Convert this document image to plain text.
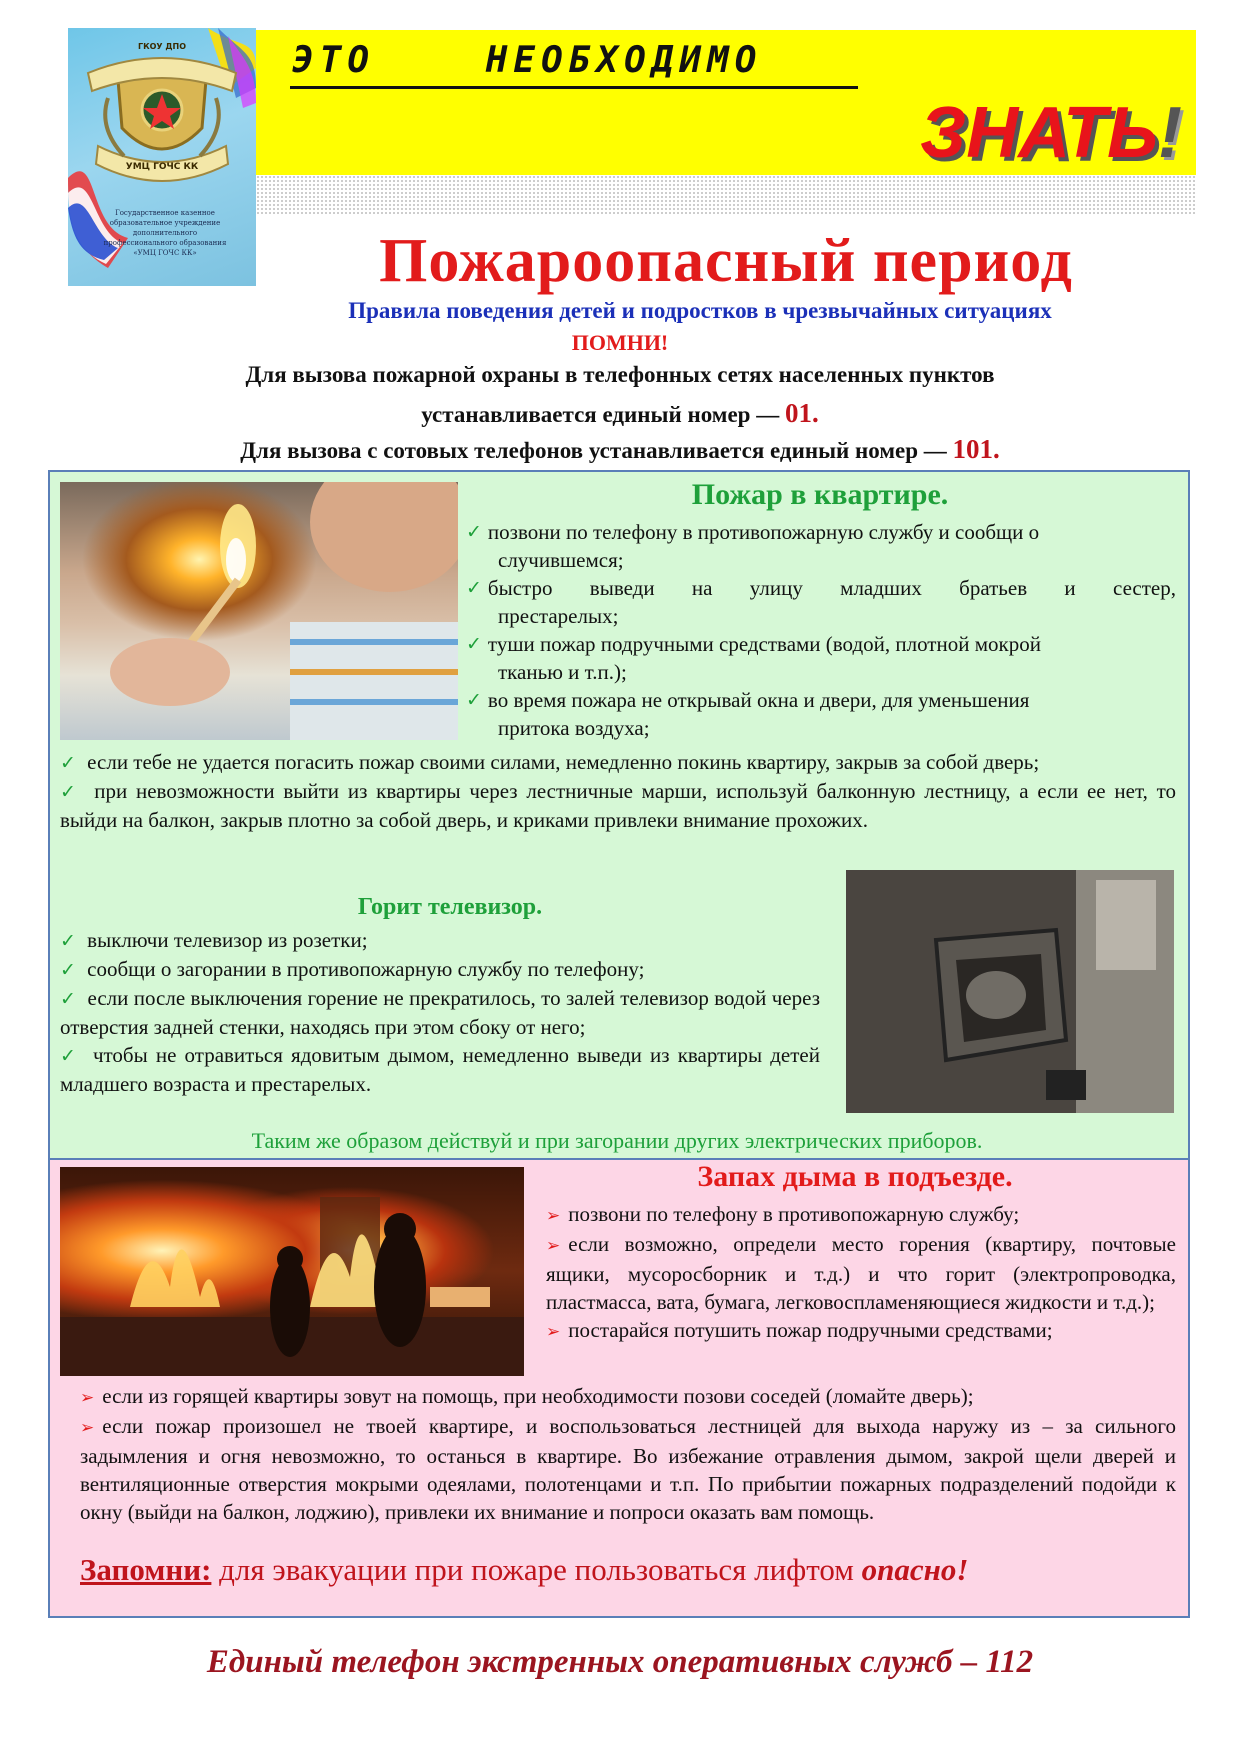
ГКОУ ДПО
УМЦ ГОЧС КК
Государственное казенное образовательное учреждение дополнительного профессионального образования «УМЦ ГОЧС КК»
ЭТО    НЕОБХОДИМО
ЗНАТЬ!
Пожароопасный период
Правила поведения детей и подростков в чрезвычайных ситуациях
ПОМНИ!
Для вызова пожарной охраны в телефонных сетях населенных пунктов
устанавливается единый номер — 01.
Для вызова с сотовых телефонов устанавливается единый номер — 101.
Пожар в квартире.
✓ позвони по телефону в противопожарную службу и сообщи о
случившемся;
✓ быстро выведи на улицу младших братьев и сестер,
престарелых;
✓ туши пожар подручными средствами (водой, плотной мокрой
тканью и т.п.);
✓ во время пожара не открывай окна и двери, для уменьшения
притока воздуха;
✓ если тебе не удается погасить пожар своими силами, немедленно покинь квартиру, закрыв за собой дверь;
✓ при невозможности выйти из квартиры через лестничные марши, используй балконную лестницу, а если ее нет, то выйди на балкон, закрыв плотно за собой дверь, и криками привлеки внимание прохожих.
Горит телевизор.
✓ выключи телевизор из розетки;
✓ сообщи о загорании в противопожарную службу по телефону;
✓ если после выключения горение не прекратилось, то залей телевизор водой через отверстия задней стенки, находясь при этом сбоку от него;
✓ чтобы не отравиться ядовитым дымом, немедленно выведи из квартиры детей младшего возраста и престарелых.
Таким же образом действуй и при загорании других электрических приборов.
Запах дыма в подъезде.
➢ позвони по телефону в противопожарную службу;
➢ если возможно, определи место горения (квартиру, почтовые ящики, мусоросборник и т.д.) и что горит (электропроводка, пластмасса, вата, бумага, легковоспламеняющиеся жидкости и т.д.);
➢ постарайся потушить пожар подручными средствами;
➢ если из горящей квартиры зовут на помощь, при необходимости позови соседей (ломайте дверь);
➢ если пожар произошел не твоей квартире, и воспользоваться лестницей для выхода наружу из – за сильного задымления и огня невозможно, то останься в квартире. Во избежание отравления дымом, закрой щели дверей и вентиляционные отверстия мокрыми одеялами, полотенцами и т.п. По прибытии пожарных подразделений подойди к окну (выйди на балкон, лоджию), привлеки их внимание и попроси оказать вам помощь.
Запомни: для эвакуации при пожаре пользоваться лифтом опасно!
Единый телефон экстренных оперативных служб – 112
